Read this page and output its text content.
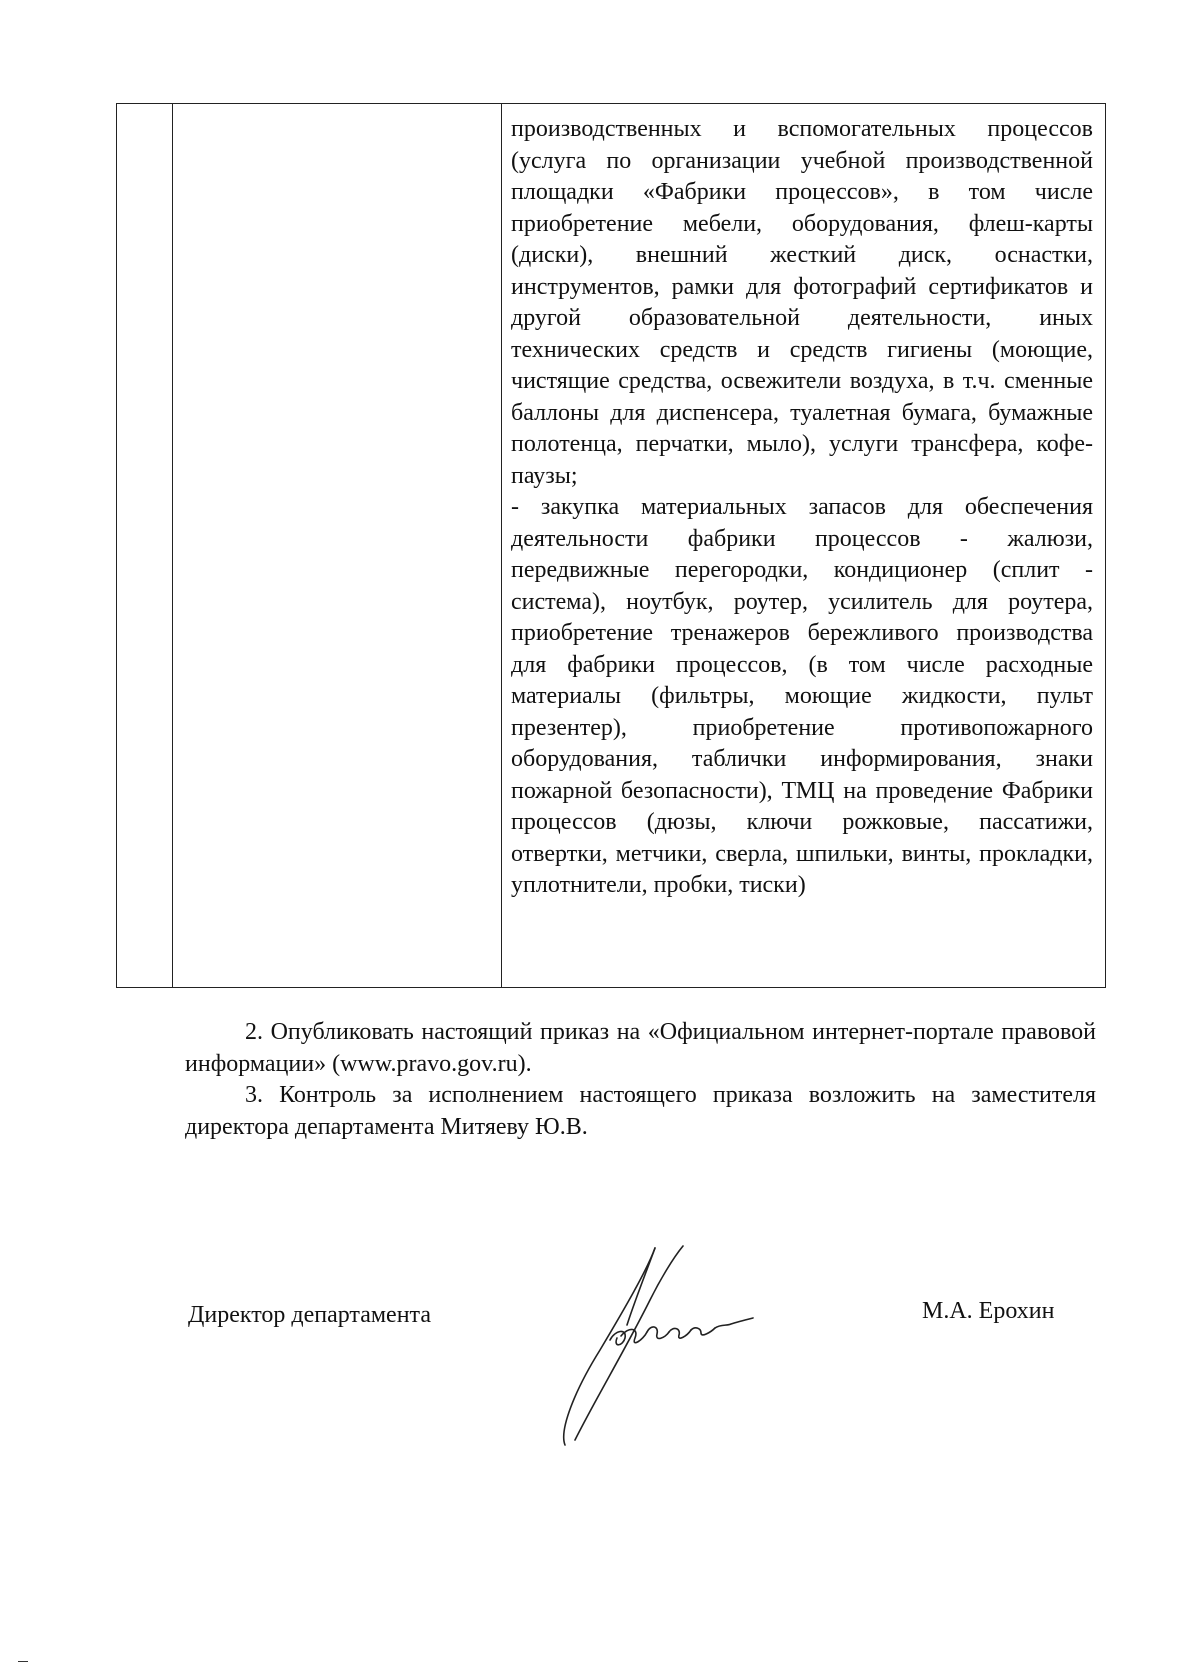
производственных и вспомогательных процессов (услуга по организации учебной производственной площадки «Фабрики процессов», в том числе приобретение мебели, оборудования, флеш-карты (диски), внешний жесткий диск, оснастки, инструментов, рамки для фотографий сертификатов и другой образовательной деятельности, иных технических средств и средств гигиены (моющие, чистящие средства, освежители воздуха, в т.ч. сменные баллоны для диспенсера, туалетная бумага, бумажные полотенца, перчатки, мыло), услуги трансфера, кофе-паузы;

- закупка материальных запасов для обеспечения деятельности фабрики процессов - жалюзи, передвижные перегородки, кондиционер (сплит - система), ноутбук, роутер, усилитель для роутера, приобретение тренажеров бережливого производства для фабрики процессов, (в том числе расходные материалы (фильтры, моющие жидкости, пульт презентер), приобретение противопожарного оборудования, таблички информирования, знаки пожарной безопасности), ТМЦ на проведение Фабрики процессов (дюзы, ключи рожковые, пассатижи, отвертки, метчики, сверла, шпильки, винты, прокладки, уплотнители, пробки, тиски)

2. Опубликовать настоящий приказ на «Официальном интернет-портале правовой информации» (www.pravo.gov.ru).

3. Контроль за исполнением настоящего приказа возложить на заместителя директора департамента Митяеву Ю.В.

Директор департамента	М.А. Ерохин
